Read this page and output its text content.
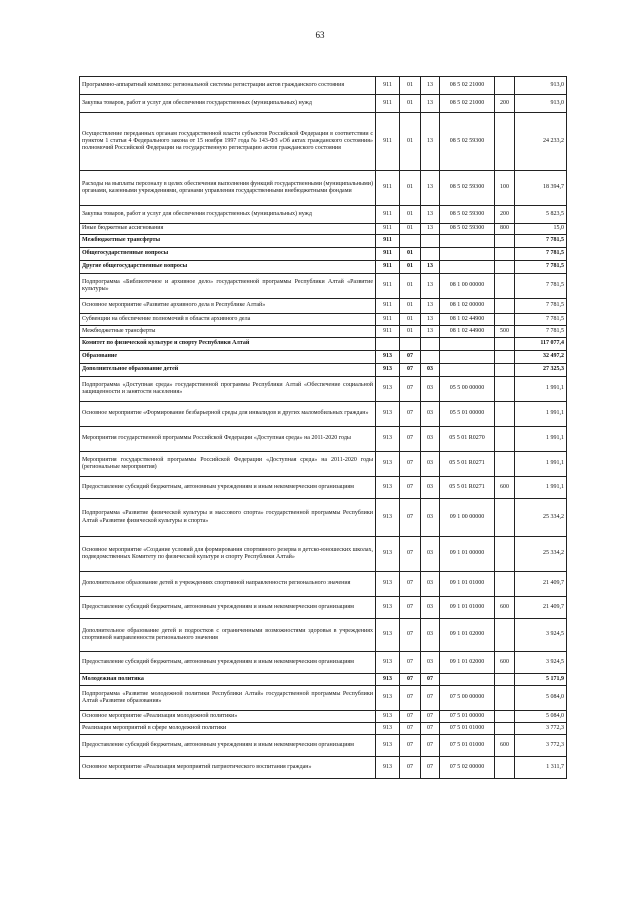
63
Программно-аппаратный комплекс региональной системы регистрации актов гражданского состояния	911	01	13	08 5 02 21000		913,0
Закупка товаров, работ и услуг для обеспечения государственных (муниципальных) нужд	911	01	13	08 5 02 21000	200	913,0
Осуществление переданных органам государственной власти субъектов Российской Федерации в соответствии с пунктом 1 статьи 4 Федерального закона от 15 ноября 1997 года № 143-ФЗ «Об актах гражданского состояния» полномочий Российской Федерации на государственную регистрацию актов гражданского состояния	911	01	13	08 5 02 59300		24 233,2
Расходы на выплаты персоналу в целях обеспечения выполнения функций государственными (муниципальными) органами, казенными учреждениями, органами управления государственными внебюджетными фондами	911	01	13	08 5 02 59300	100	18 394,7
Закупка товаров, работ и услуг для обеспечения государственных (муниципальных) нужд	911	01	13	08 5 02 59300	200	5 823,5
Иные бюджетные ассигнования	911	01	13	08 5 02 59300	800	15,0
Межбюджетные трансферты	911					7 781,5
Общегосударственные вопросы	911	01				7 781,5
Другие общегосударственные вопросы	911	01	13			7 781,5
Подпрограмма «Библиотечное и архивное дело» государственной программы Республики Алтай «Развитие культуры»	911	01	13	08 1 00 00000		7 781,5
Основное мероприятие «Развитие архивного дела в Республике Алтай»	911	01	13	08 1 02 00000		7 781,5
Субвенции на обеспечение полномочий в области архивного дела	911	01	13	08 1 02 44900		7 781,5
Межбюджетные трансферты	911	01	13	08 1 02 44900	500	7 781,5
Комитет по физической культуре и спорту Республики Алтай						117 077,4
Образование	913	07				32 497,2
Дополнительное образование детей	913	07	03			27 325,3
Подпрограмма «Доступная среда» государственной программы Республики Алтай «Обеспечение социальной защищенности и занятости населения»	913	07	03	05 5 00 00000		1 991,1
Основное мероприятие «Формирование безбарьерной среды для инвалидов и других маломобильных граждан»	913	07	03	05 5 01 00000		1 991,1
Мероприятия государственной программы Российской Федерации «Доступная среда» на 2011-2020 годы	913	07	03	05 5 01 R0270		1 991,1
Мероприятия государственной программы Российской Федерации «Доступная среда» на 2011-2020 годы (региональные мероприятия)	913	07	03	05 5 01 R0271		1 991,1
Предоставление субсидий бюджетным, автономным учреждениям и иным некоммерческим организациям	913	07	03	05 5 01 R0271	600	1 991,1
Подпрограмма «Развитие физической культуры и массового спорта» государственной программы Республики Алтай «Развитие физической культуры и спорта»	913	07	03	09 1 00 00000		25 334,2
Основное мероприятие «Создание условий для формирования спортивного резерва в детско-юношеских школах, подведомственных Комитету по физической культуре и спорту Республики Алтай»	913	07	03	09 1 01 00000		25 334,2
Дополнительное образование детей в учреждениях спортивной направленности регионального значения	913	07	03	09 1 01 01000		21 409,7
Предоставление субсидий бюджетным, автономным учреждениям и иным некоммерческим организациям	913	07	03	09 1 01 01000	600	21 409,7
Дополнительное образование детей и подростков с ограниченными возможностями здоровья в учреждениях спортивной направленности регионального значения	913	07	03	09 1 01 02000		3 924,5
Предоставление субсидий бюджетным, автономным учреждениям и иным некоммерческим организациям	913	07	03	09 1 01 02000	600	3 924,5
Молодежная политика	913	07	07			5 171,9
Подпрограмма «Развитие молодежной политики Республики Алтай» государственной программы Республики Алтай «Развитие образования»	913	07	07	07 5 00 00000		5 084,0
Основное мероприятие «Реализация молодежной политики»	913	07	07	07 5 01 00000		5 084,0
Реализация мероприятий в сфере молодежной политики	913	07	07	07 5 01 01000		3 772,3
Предоставление субсидий бюджетным, автономным учреждениям и иным некоммерческим организациям	913	07	07	07 5 01 01000	600	3 772,3
Основное мероприятие «Реализация мероприятий патриотического воспитания граждан»	913	07	07	07 5 02 00000		1 311,7
